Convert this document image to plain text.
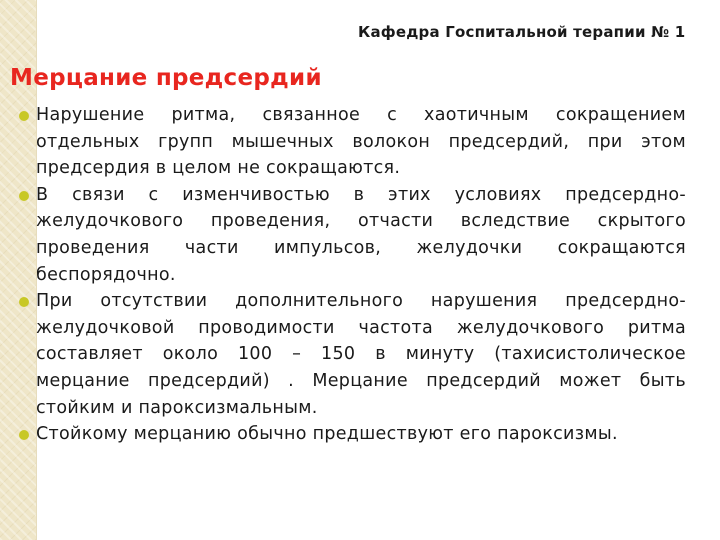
Кафедра Госпитальной терапии № 1
Мерцание предсердий
Нарушение ритма, связанное с хаотичным сокращением отдельных групп мышечных волокон предсердий, при этом предсердия в целом не сокращаются.
В связи с изменчивостью в этих условиях предсердно-желудочкового проведения, отчасти вследствие скрытого проведения части импульсов, желудочки сокращаются беспорядочно.
При отсутствии дополнительного нарушения предсердно-желудочковой проводимости частота желудочкового ритма составляет около 100 – 150 в минуту (тахисистолическое мерцание предсердий) . Мерцание предсердий может быть стойким и пароксизмальным.
Стойкому мерцанию обычно предшествуют его пароксизмы.
